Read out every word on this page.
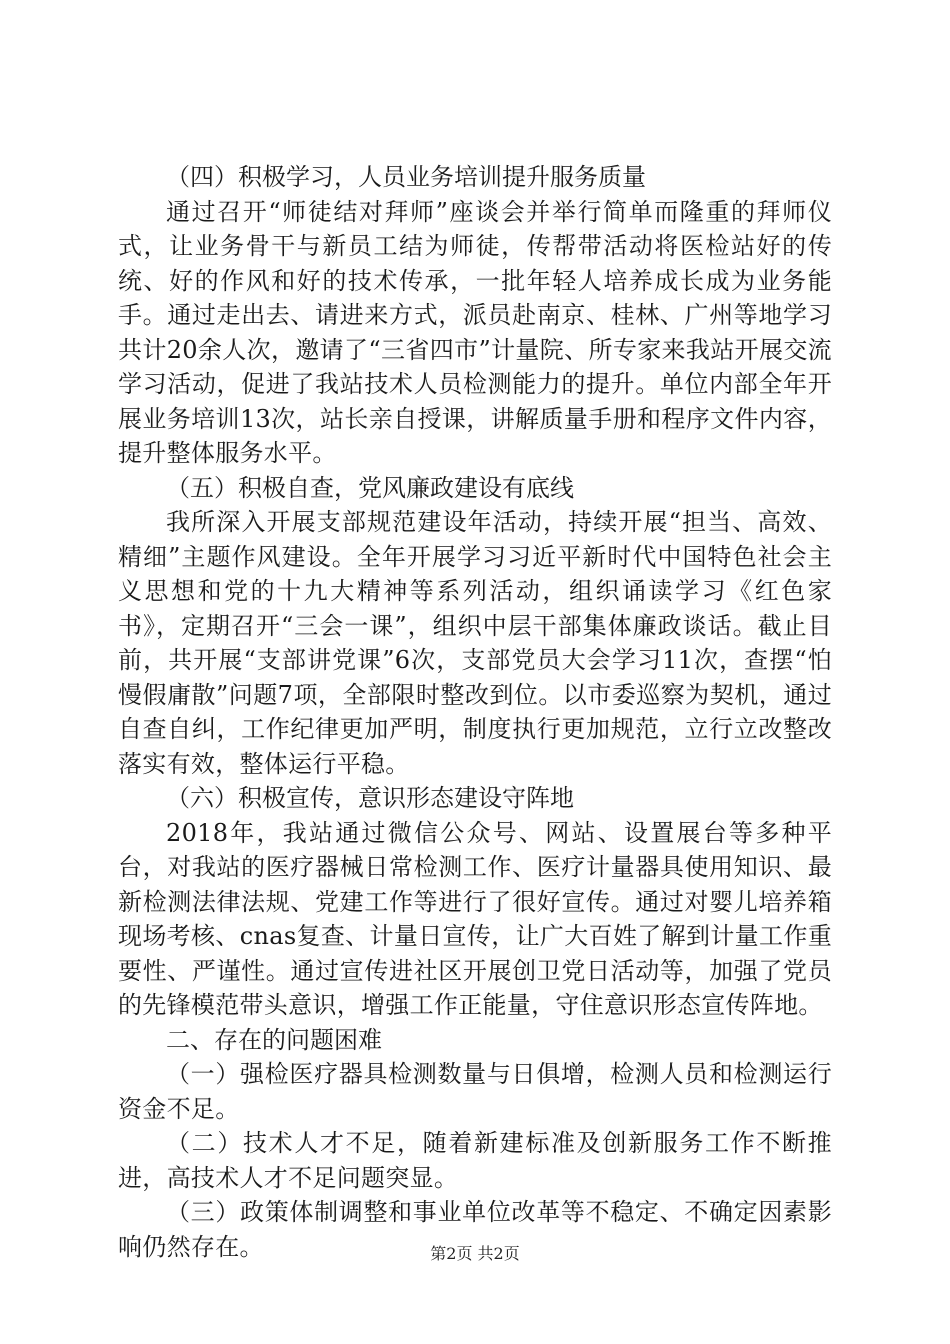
（四）积极学习，人员业务培训提升服务质量

通过召开“师徒结对拜师”座谈会并举行简单而隆重的拜师仪式，让业务骨干与新员工结为师徒，传帮带活动将医检站好的传统、好的作风和好的技术传承，一批年轻人培养成长成为业务能手。通过走出去、请进来方式，派员赴南京、桂林、广州等地学习共计20余人次，邀请了“三省四市”计量院、所专家来我站开展交流学习活动，促进了我站技术人员检测能力的提升。单位内部全年开展业务培训13次，站长亲自授课，讲解质量手册和程序文件内容，提升整体服务水平。

（五）积极自查，党风廉政建设有底线

我所深入开展支部规范建设年活动，持续开展“担当、高效、精细”主题作风建设。全年开展学习习近平新时代中国特色社会主义思想和党的十九大精神等系列活动，组织诵读学习《红色家书》，定期召开“三会一课”，组织中层干部集体廉政谈话。截止目前，共开展“支部讲党课”6次，支部党员大会学习11次，查摆“怕慢假庸散”问题7项，全部限时整改到位。以市委巡察为契机，通过自查自纠，工作纪律更加严明，制度执行更加规范，立行立改整改落实有效，整体运行平稳。

（六）积极宣传，意识形态建设守阵地

2018年，我站通过微信公众号、网站、设置展台等多种平台，对我站的医疗器械日常检测工作、医疗计量器具使用知识、最新检测法律法规、党建工作等进行了很好宣传。通过对婴儿培养箱现场考核、cnas复查、计量日宣传，让广大百姓了解到计量工作重要性、严谨性。通过宣传进社区开展创卫党日活动等，加强了党员的先锋模范带头意识，增强工作正能量，守住意识形态宣传阵地。

二、存在的问题困难

（一）强检医疗器具检测数量与日俱增，检测人员和检测运行资金不足。

（二）技术人才不足，随着新建标准及创新服务工作不断推进，高技术人才不足问题突显。

（三）政策体制调整和事业单位改革等不稳定、不确定因素影响仍然存在。	第2页 共2页
